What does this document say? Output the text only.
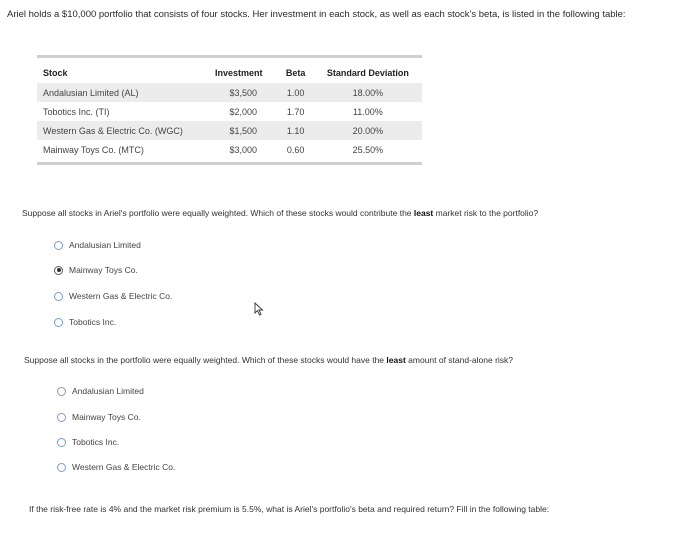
Ariel holds a $10,000 portfolio that consists of four stocks. Her investment in each stock, as well as each stock's beta, is listed in the following table:
Stock	Investment	Beta	Standard Deviation
Andalusian Limited (AL)	$3,500	1.00	18.00%
Tobotics Inc. (TI)	$2,000	1.70	11.00%
Western Gas & Electric Co. (WGC)	$1,500	1.10	20.00%
Mainway Toys Co. (MTC)	$3,000	0.60	25.50%
Suppose all stocks in Ariel's portfolio were equally weighted. Which of these stocks would contribute the least market risk to the portfolio?
Andalusian Limited
Mainway Toys Co.
Western Gas & Electric Co.
Tobotics Inc.
Suppose all stocks in the portfolio were equally weighted. Which of these stocks would have the least amount of stand-alone risk?
Andalusian Limited
Mainway Toys Co.
Tobotics Inc.
Western Gas & Electric Co.
If the risk-free rate is 4% and the market risk premium is 5.5%, what is Ariel's portfolio's beta and required return? Fill in the following table:
